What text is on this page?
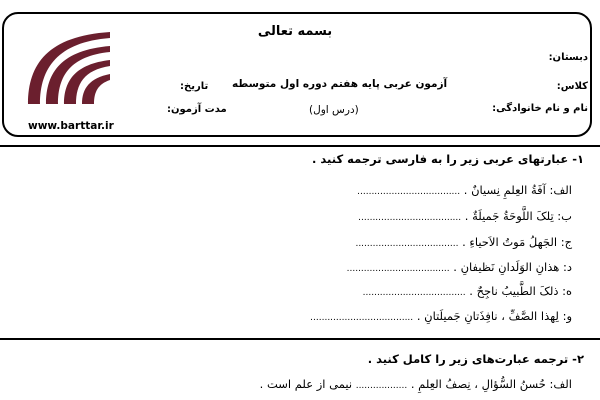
بسمه تعالی
دبستان:
کلاس:
نام و نام خانوادگی:
آزمون عربی پایه هفتم دوره اول متوسطه
(درس اول)
تاریخ:
مدت آزمون:
www.barttar.ir
۱- عبارتهای عربی زیر را به فارسی ترجمه کنید .
الف: آفَةُ العِلمِ نِسیانٌ . ....................................
ب: تِلکَ اللَّوحَةُ جَمیلَةٌ . ....................................
ج: الجَهلُ مَوتُ الاَحیاءِ . ....................................
د: هذانِ الوَلَدانِ نَظیفانِ . ....................................
ه: ذلکَ الطَّبیبُ ناجِحٌ . ....................................
و: لِهذا الصَّفِّ ، نافِذَتانِ جَمیلَتانِ . ....................................
۲- ترجمه عبارت‌های زیر را کامل کنید .
الف: حُسنُ السُّؤالِ ، نِصفُ العِلمِ . .................. نیمی از علم است .
